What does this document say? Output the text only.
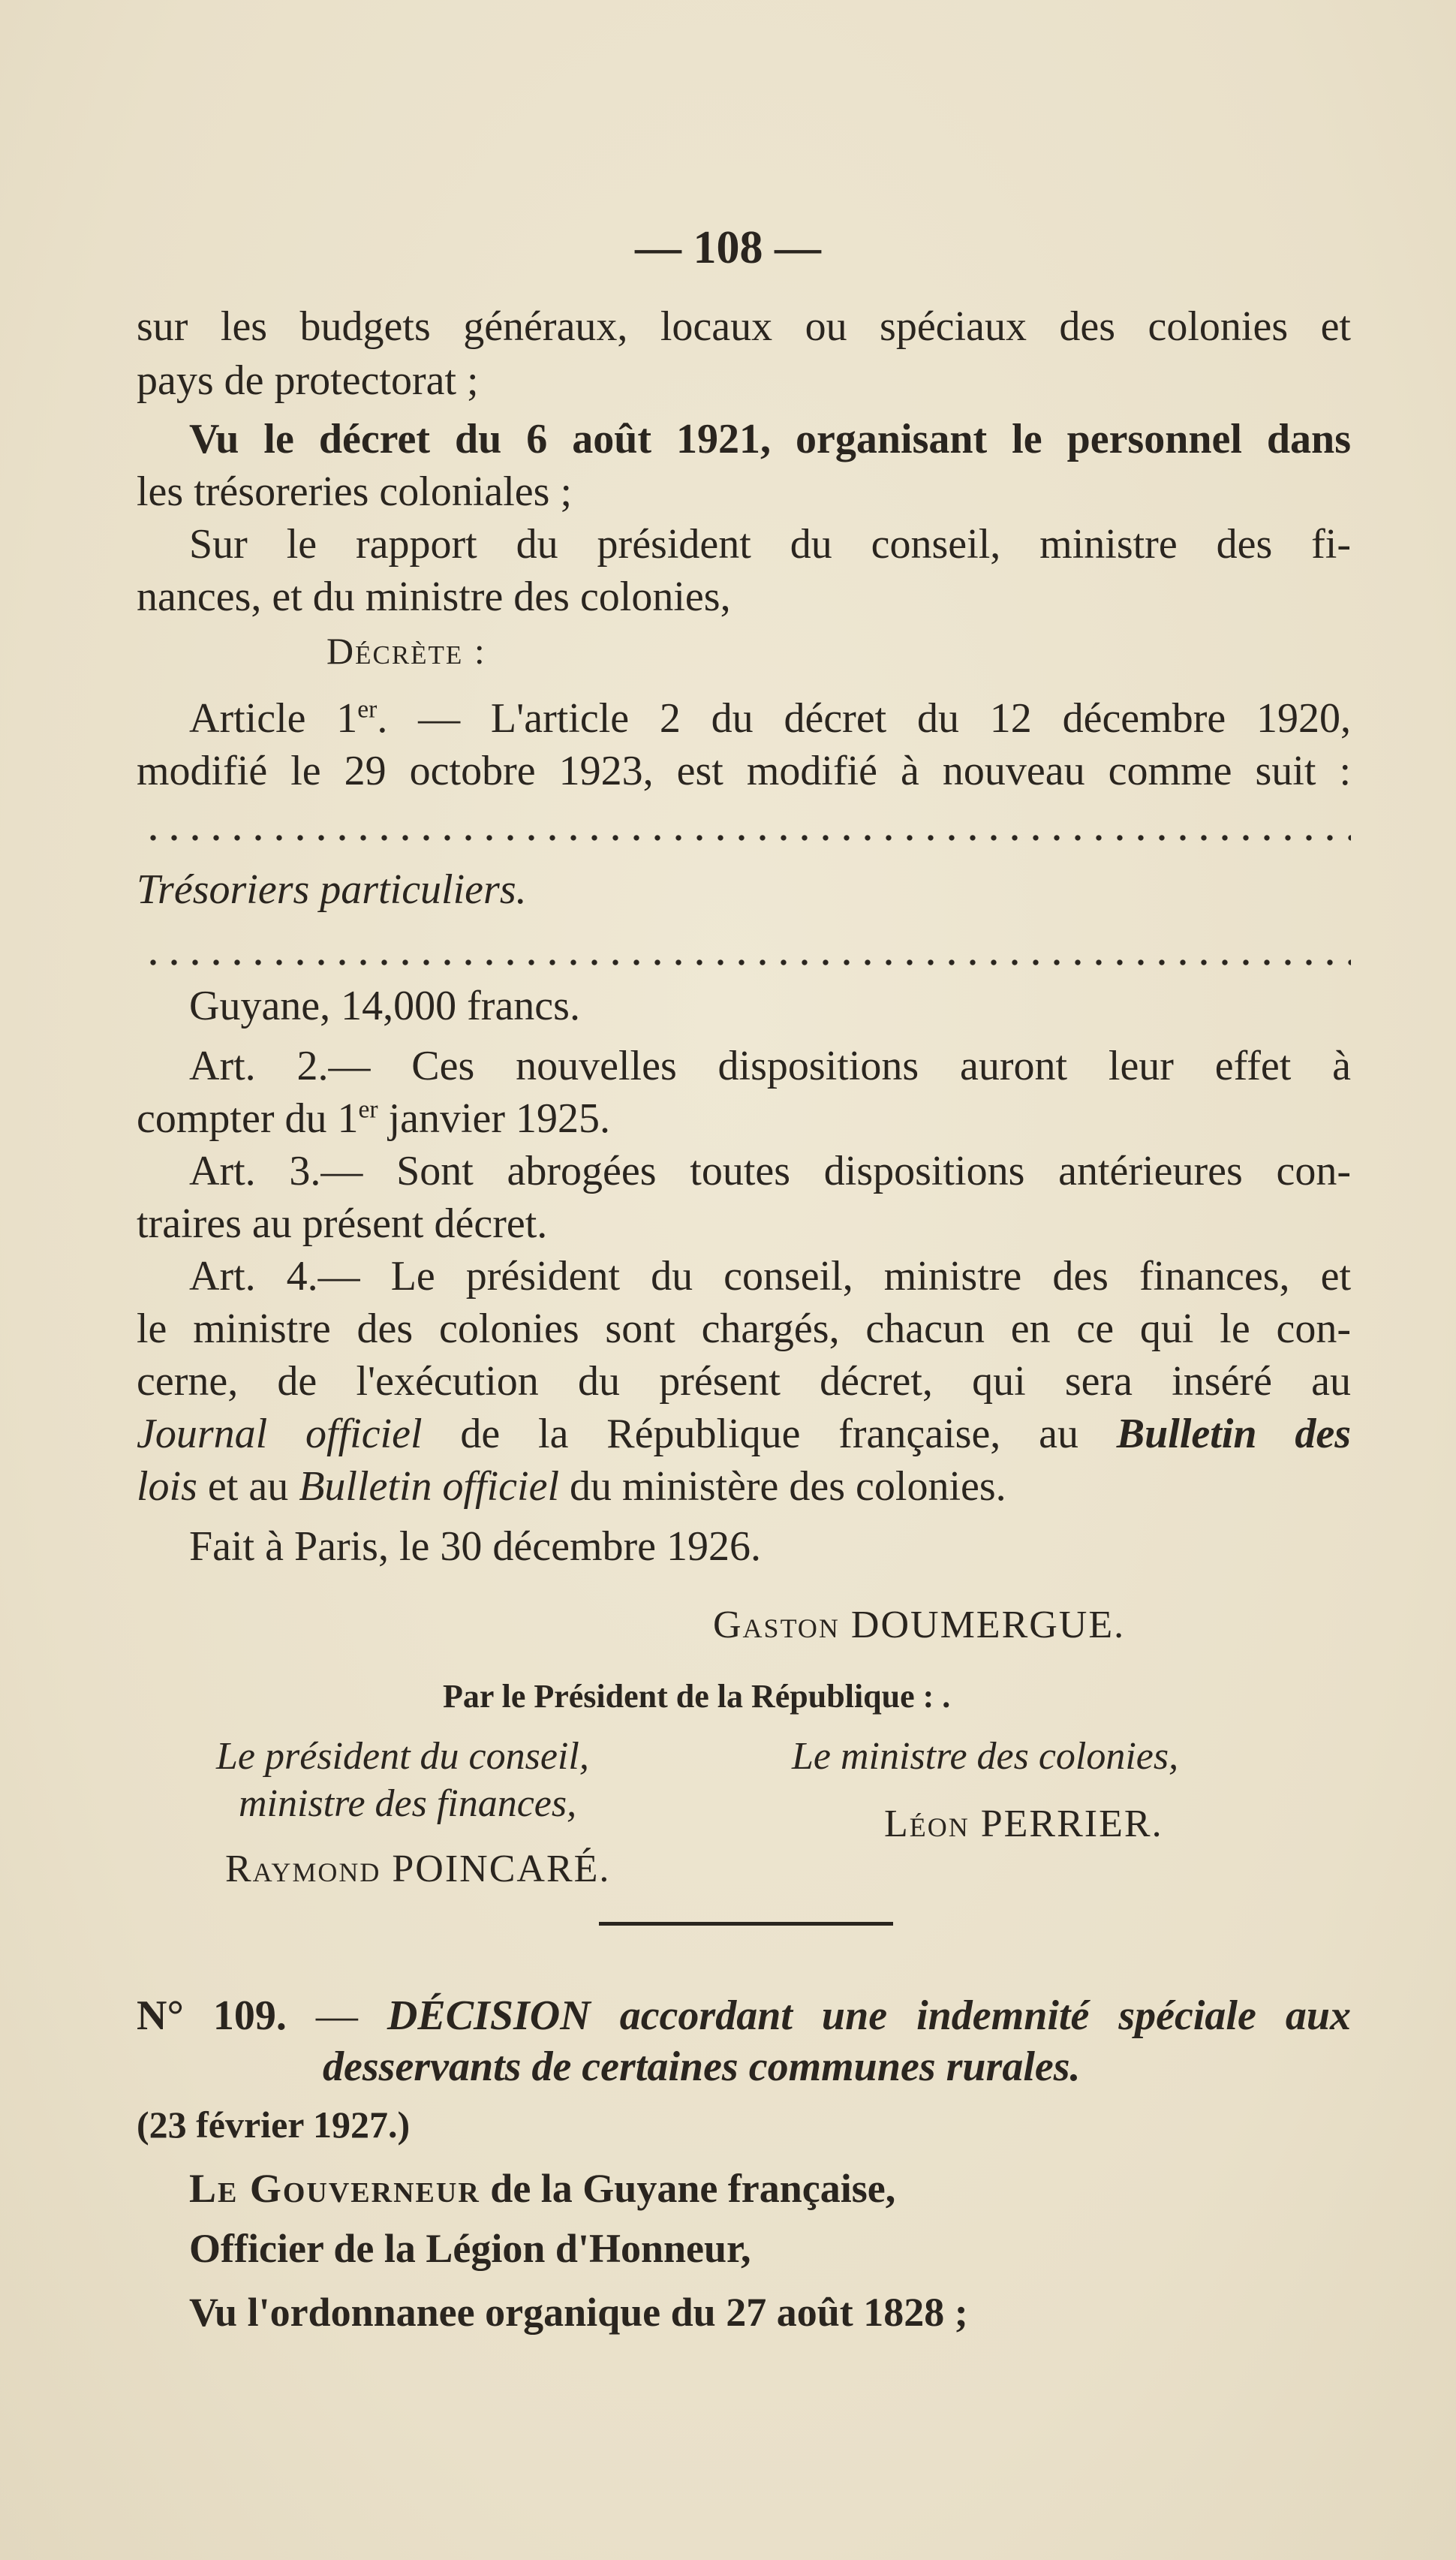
— 108 —
sur les budgets généraux, locaux ou spéciaux des colonies et
pays de protectorat ;
Vu le décret du 6 août 1921, organisant le personnel dans
les trésoreries coloniales ;
Sur le rapport du président du conseil, ministre des fi-
nances, et du ministre des colonies,
Décrète :
Article 1er. — L'article 2 du décret du 12 décembre 1920,
modifié le 29 octobre 1923, est modifié à nouveau comme suit :
Trésoriers particuliers.
Guyane, 14,000 francs.
Art. 2.— Ces nouvelles dispositions auront leur effet à
compter du 1er janvier 1925.
Art. 3.— Sont abrogées toutes dispositions antérieures con-
traires au présent décret.
Art. 4.— Le président du conseil, ministre des finances, et
le ministre des colonies sont chargés, chacun en ce qui le con-
cerne, de l'exécution du présent décret, qui sera inséré au
Journal officiel de la République française, au Bulletin des
lois et au Bulletin officiel du ministère des colonies.
Fait à Paris, le 30 décembre 1926.
Gaston DOUMERGUE.
Par le Président de la République : .
Le président du conseil,
ministre des finances,
Raymond POINCARÉ.
Le ministre des colonies,
Léon PERRIER.
N° 109. — DÉCISION accordant une indemnité spéciale aux
desservants de certaines communes rurales.
(23 février 1927.)
Le Gouverneur de la Guyane française,
Officier de la Légion d'Honneur,
Vu l'ordonnanee organique du 27 août 1828 ;
